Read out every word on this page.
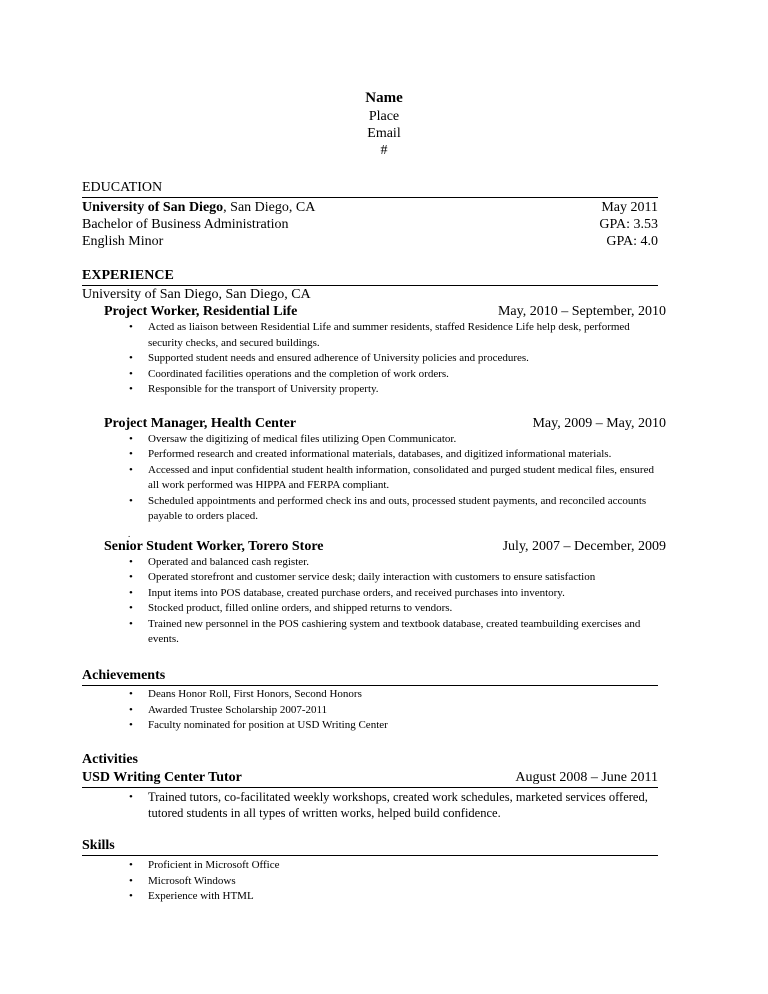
Name
Place
Email
#
EDUCATION
University of San Diego, San Diego, CA	May 2011
Bachelor of Business Administration	GPA: 3.53
English Minor	GPA: 4.0
EXPERIENCE
University of San Diego, San Diego, CA
Project Worker, Residential Life	May, 2010 – September, 2010
• Acted as liaison between Residential Life and summer residents, staffed Residence Life help desk, performed security checks, and secured buildings.
• Supported student needs and ensured adherence of University policies and procedures.
• Coordinated facilities operations and the completion of work orders.
• Responsible for the transport of University property.
Project Manager, Health Center	May, 2009 – May, 2010
• Oversaw the digitizing of medical files utilizing Open Communicator.
• Performed research and created informational materials, databases, and digitized informational materials.
• Accessed and input confidential student health information, consolidated and purged student medical files, ensured all work performed was HIPPA and FERPA compliant.
• Scheduled appointments and performed check ins and outs, processed student payments, and reconciled accounts payable to orders placed.
.
Senior Student Worker, Torero Store	July, 2007 – December, 2009
• Operated and balanced cash register.
• Operated storefront and customer service desk; daily interaction with customers to ensure satisfaction
• Input items into POS database, created purchase orders, and received purchases into inventory.
• Stocked product, filled online orders, and shipped returns to vendors.
• Trained new personnel in the POS cashiering system and textbook database, created teambuilding exercises and events.
Achievements
• Deans Honor Roll, First Honors, Second Honors
• Awarded Trustee Scholarship 2007-2011
• Faculty nominated for position at USD Writing Center
Activities
USD Writing Center Tutor	August 2008 – June 2011
• Trained tutors, co-facilitated weekly workshops, created work schedules, marketed services offered, tutored students in all types of written works, helped build confidence.
Skills
• Proficient in Microsoft Office
• Microsoft Windows
• Experience with HTML
